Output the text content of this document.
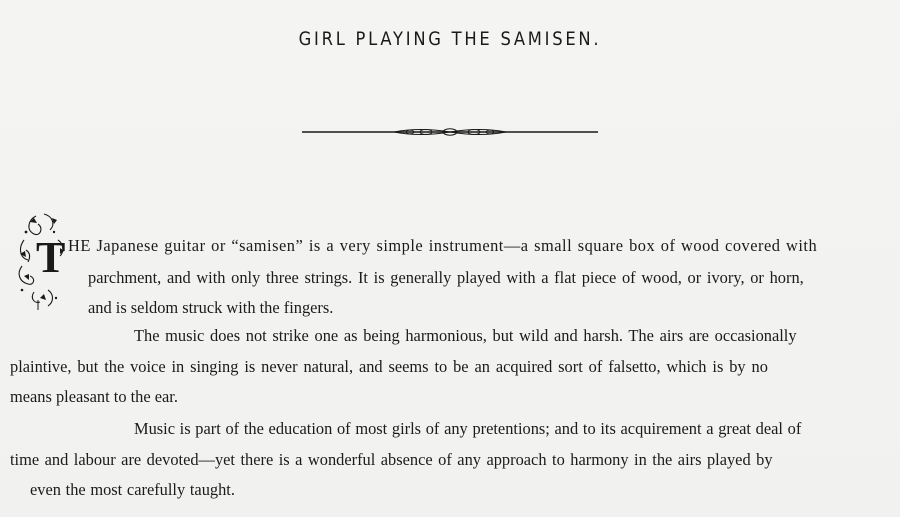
GIRL PLAYING THE SAMISEN.
T HE Japanese guitar or “samisen” is a very simple instrument—a small square box of wood covered with
parchment, and with only three strings. It is generally played with a flat piece of wood, or ivory, or horn,
and is seldom struck with the fingers.
The music does not strike one as being harmonious, but wild and harsh. The airs are occasionally
plaintive, but the voice in singing is never natural, and seems to be an acquired sort of falsetto, which is by no
means pleasant to the ear.
Music is part of the education of most girls of any pretentions; and to its acquirement a great deal of
time and labour are devoted—yet there is a wonderful absence of any approach to harmony in the airs played by
even the most carefully taught.
